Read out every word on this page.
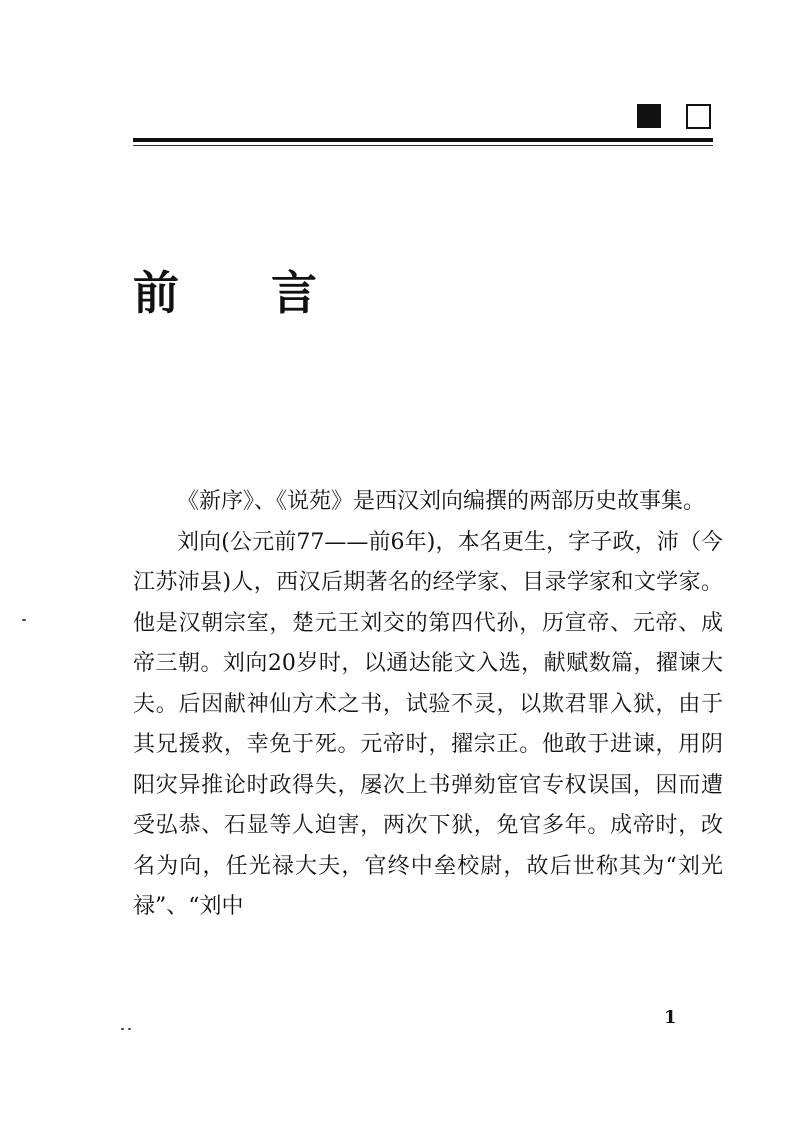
前 言

《新序》、《说苑》是西汉刘向编撰的两部历史故事集。

刘向(公元前77——前6年)，本名更生，字子政，沛（今江苏沛县)人，西汉后期著名的经学家、目录学家和文学家。他是汉朝宗室，楚元王刘交的第四代孙，历宣帝、元帝、成帝三朝。刘向20岁时，以通达能文入选，献赋数篇，擢谏大夫。后因献神仙方术之书，试验不灵，以欺君罪入狱，由于其兄援救，幸免于死。元帝时，擢宗正。他敢于进谏，用阴阳灾异推论时政得失，屡次上书弹劾宦官专权误国，因而遭受弘恭、石显等人迫害，两次下狱，免官多年。成帝时，改名为向，任光禄大夫，官终中垒校尉，故后世称其为“刘光禄”、“刘中

1
